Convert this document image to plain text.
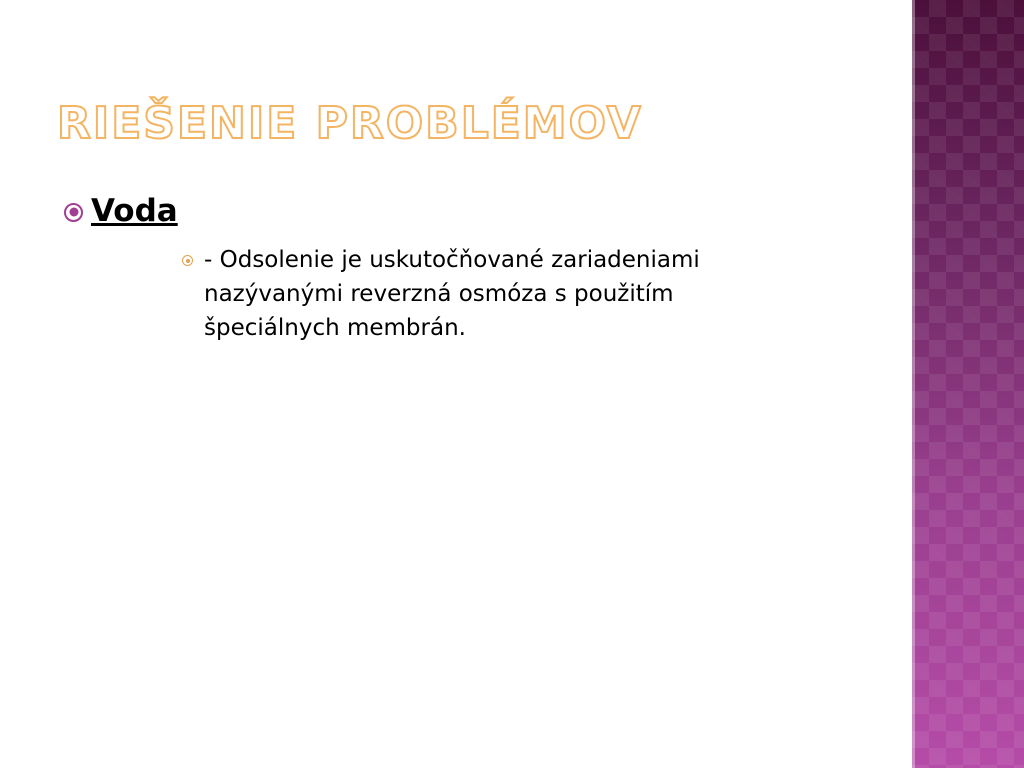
RIEŠENIE PROBLÉMOV
Voda
- Odsolenie je uskutočňované zariadeniami nazývanými reverzná osmóza s použitím špeciálnych membrán.
